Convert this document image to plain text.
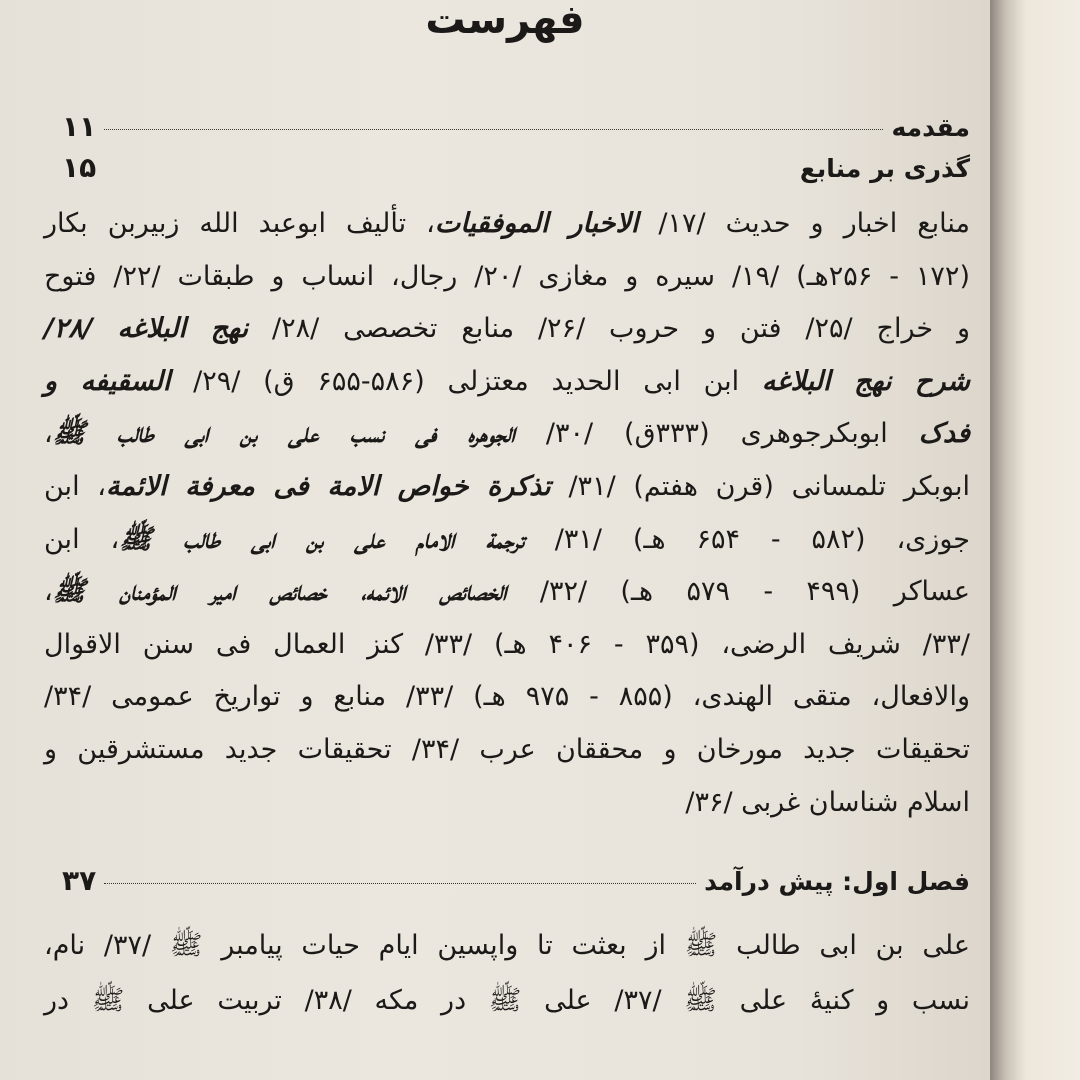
فهرست
مقدمه
۱۱
گذری بر منابع
۱۵
منابع اخبار و حدیث /۱۷/ الاخبار الموفقیات، تألیف ابوعبد الله زبیربن بکار
(۱۷۲ - ۲۵۶هـ) /۱۹/ سیره و مغازی /۲۰/ رجال، انساب و طبقات /۲۲/ فتوح
و خراج /۲۵/ فتن و حروب /۲۶/ منابع تخصصی /۲۸/ نهج البلاغه /۲۸/
شرح نهج البلاغه ابن ابی الحدید معتزلی (۵۸۶-۶۵۵ ق) /۲۹/ السقیفه و
فدک ابوبکرجوهری (۳۳۳ق) /۳۰/ الجوهره فی نسب علی بن ابی طالب ﷺ،
ابوبکر تلمسانی (قرن هفتم) /۳۱/ تذکرة خواص الامة فی معرفة الائمة، ابن
جوزی، (۵۸۲ - ۶۵۴ هـ) /۳۱/ ترجمة الامام علی بن ابی طالب ﷺ، ابن
عساکر (۴۹۹ - ۵۷۹ هـ) /۳۲/ الخصائص الائمه، خصائص امیر المؤمنان ﷺ،
/۳۳/ شریف الرضی، (۳۵۹ - ۴۰۶ هـ) /۳۳/ کنز العمال فی سنن الاقوال
والافعال، متقی الهندی، (۸۵۵ - ۹۷۵ هـ) /۳۳/ منابع و تواریخ عمومی /۳۴/
تحقیقات جدید مورخان و محققان عرب /۳۴/ تحقیقات جدید مستشرقین و
اسلام شناسان غربی /۳۶/
فصل اول: پیش درآمد
۳۷
علی بن ابی طالب ﷺ از بعثت تا واپسین ایام حیات پیامبر ﷺ /۳۷/ نام،
نسب و کنیهٔ علی ﷺ /۳۷/ علی ﷺ در مکه /۳۸/ تربیت علی ﷺ در
